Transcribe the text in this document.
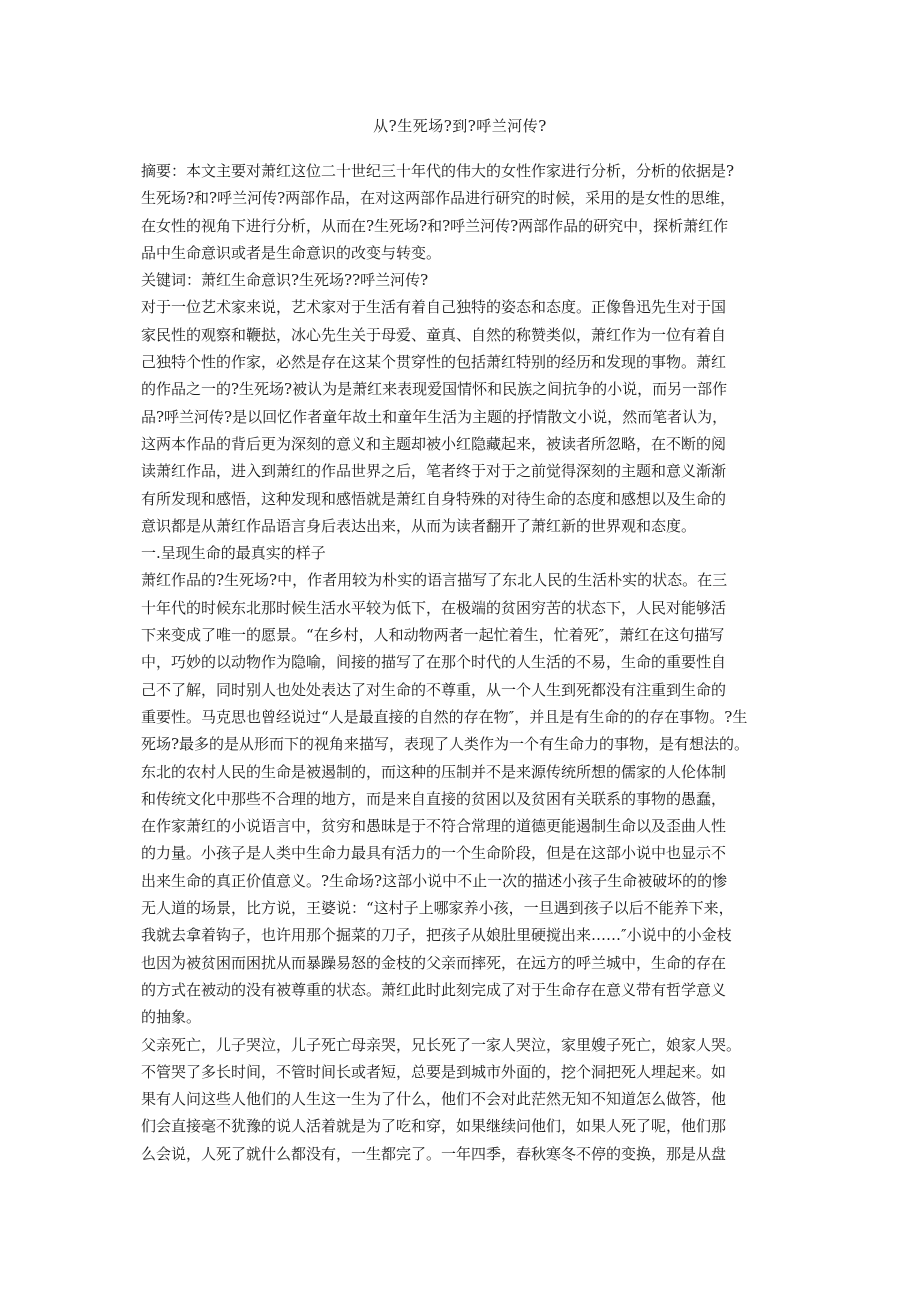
从?生死场?到?呼兰河传?
摘要：本文主要对萧红这位二十世纪三十年代的伟大的女性作家进行分析，分析的依据是?
生死场?和?呼兰河传?两部作品，在对这两部作品进行研究的时候，采用的是女性的思维，
在女性的视角下进行分析，从而在?生死场?和?呼兰河传?两部作品的研究中，探析萧红作
品中生命意识或者是生命意识的改变与转变。
关键词：萧红生命意识?生死场??呼兰河传?
对于一位艺术家来说，艺术家对于生活有着自己独特的姿态和态度。正像鲁迅先生对于国
家民性的观察和鞭挞，冰心先生关于母爱、童真、自然的称赞类似，萧红作为一位有着自
己独特个性的作家，必然是存在这某个贯穿性的包括萧红特别的经历和发现的事物。萧红
的作品之一的?生死场?被认为是萧红来表现爱国情怀和民族之间抗争的小说，而另一部作
品?呼兰河传?是以回忆作者童年故土和童年生活为主题的抒情散文小说，然而笔者认为，
这两本作品的背后更为深刻的意义和主题却被小红隐藏起来，被读者所忽略，在不断的阅
读萧红作品，进入到萧红的作品世界之后，笔者终于对于之前觉得深刻的主题和意义渐渐
有所发现和感悟，这种发现和感悟就是萧红自身特殊的对待生命的态度和感想以及生命的
意识都是从萧红作品语言身后表达出来，从而为读者翻开了萧红新的世界观和态度。
一.呈现生命的最真实的样子
萧红作品的?生死场?中，作者用较为朴实的语言描写了东北人民的生活朴实的状态。在三
十年代的时候东北那时候生活水平较为低下，在极端的贫困穷苦的状态下，人民对能够活
下来变成了唯一的愿景。“在乡村，人和动物两者一起忙着生，忙着死″，萧红在这句描写
中，巧妙的以动物作为隐喻，间接的描写了在那个时代的人生活的不易，生命的重要性自
己不了解，同时别人也处处表达了对生命的不尊重，从一个人生到死都没有注重到生命的
重要性。马克思也曾经说过“人是最直接的自然的存在物″，并且是有生命的的存在事物。?生
死场?最多的是从形而下的视角来描写，表现了人类作为一个有生命力的事物，是有想法的。
东北的农村人民的生命是被遏制的，而这种的压制并不是来源传统所想的儒家的人伦体制
和传统文化中那些不合理的地方，而是来自直接的贫困以及贫困有关联系的事物的愚蠢，
在作家萧红的小说语言中，贫穷和愚昧是于不符合常理的道德更能遏制生命以及歪曲人性
的力量。小孩子是人类中生命力最具有活力的一个生命阶段，但是在这部小说中也显示不
出来生命的真正价值意义。?生命场?这部小说中不止一次的描述小孩子生命被破坏的的惨
无人道的场景，比方说，王婆说：“这村子上哪家养小孩，一旦遇到孩子以后不能养下来，
我就去拿着钩子，也许用那个掘菜的刀子，把孩子从娘肚里硬搅出来……″小说中的小金枝
也因为被贫困而困扰从而暴躁易怒的金枝的父亲而摔死，在远方的呼兰城中，生命的存在
的方式在被动的没有被尊重的状态。萧红此时此刻完成了对于生命存在意义带有哲学意义
的抽象。
父亲死亡，儿子哭泣，儿子死亡母亲哭，兄长死了一家人哭泣，家里嫂子死亡，娘家人哭。
不管哭了多长时间，不管时间长或者短，总要是到城市外面的，挖个洞把死人埋起来。如
果有人问这些人他们的人生这一生为了什么，他们不会对此茫然无知不知道怎么做答，他
们会直接毫不犹豫的说人活着就是为了吃和穿，如果继续问他们，如果人死了呢，他们那
么会说，人死了就什么都没有，一生都完了。一年四季，春秋寒冬不停的变换，那是从盘
